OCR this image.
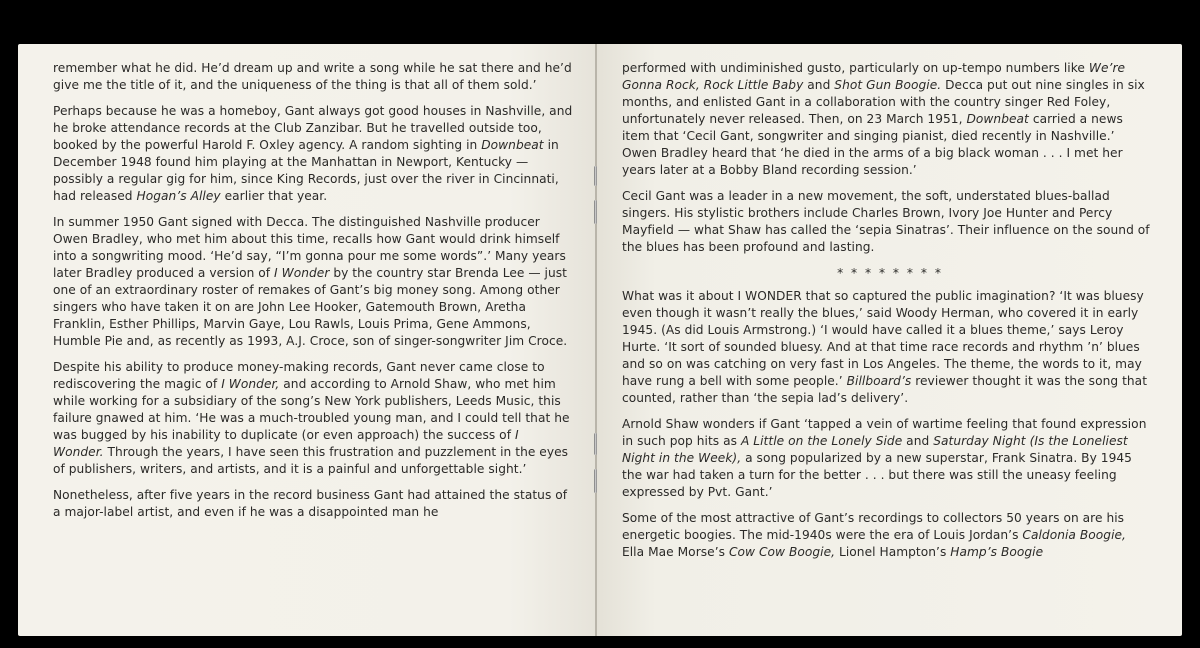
remember what he did. He’d dream up and write a song while he sat there and he’d give me the title of it, and the uniqueness of the thing is that all of them sold.’

Perhaps because he was a homeboy, Gant always got good houses in Nashville, and he broke attendance records at the Club Zanzibar. But he travelled outside too, booked by the powerful Harold F. Oxley agency. A random sighting in Downbeat in December 1948 found him playing at the Manhattan in Newport, Kentucky — possibly a regular gig for him, since King Records, just over the river in Cincinnati, had released Hogan’s Alley earlier that year.

In summer 1950 Gant signed with Decca. The distinguished Nashville producer Owen Bradley, who met him about this time, recalls how Gant would drink himself into a songwriting mood. ‘He’d say, “I’m gonna pour me some words”.’ Many years later Bradley produced a version of I Wonder by the country star Brenda Lee — just one of an extraordinary roster of remakes of Gant’s big money song. Among other singers who have taken it on are John Lee Hooker, Gatemouth Brown, Aretha Franklin, Esther Phillips, Marvin Gaye, Lou Rawls, Louis Prima, Gene Ammons, Humble Pie and, as recently as 1993, A.J. Croce, son of singer-songwriter Jim Croce.

Despite his ability to produce money-making records, Gant never came close to rediscovering the magic of I Wonder, and according to Arnold Shaw, who met him while working for a subsidiary of the song’s New York publishers, Leeds Music, this failure gnawed at him. ‘He was a much-troubled young man, and I could tell that he was bugged by his inability to duplicate (or even approach) the success of I Wonder. Through the years, I have seen this frustration and puzzlement in the eyes of publishers, writers, and artists, and it is a painful and unforgettable sight.’

Nonetheless, after five years in the record business Gant had attained the status of a major-label artist, and even if he was a disappointed man he

performed with undiminished gusto, particularly on up-tempo numbers like We’re Gonna Rock, Rock Little Baby and Shot Gun Boogie. Decca put out nine singles in six months, and enlisted Gant in a collaboration with the country singer Red Foley, unfortunately never released. Then, on 23 March 1951, Downbeat carried a news item that ‘Cecil Gant, songwriter and singing pianist, died recently in Nashville.’ Owen Bradley heard that ‘he died in the arms of a big black woman . . . I met her years later at a Bobby Bland recording session.’

Cecil Gant was a leader in a new movement, the soft, understated blues-ballad singers. His stylistic brothers include Charles Brown, Ivory Joe Hunter and Percy Mayfield — what Shaw has called the ‘sepia Sinatras’. Their influence on the sound of the blues has been profound and lasting.

* * * * * * * *

What was it about I WONDER that so captured the public imagination? ‘It was bluesy even though it wasn’t really the blues,’ said Woody Herman, who covered it in early 1945. (As did Louis Armstrong.) ‘I would have called it a blues theme,’ says Leroy Hurte. ‘It sort of sounded bluesy. And at that time race records and rhythm ’n’ blues and so on was catching on very fast in Los Angeles. The theme, the words to it, may have rung a bell with some people.’ Billboard’s reviewer thought it was the song that counted, rather than ‘the sepia lad’s delivery’.

Arnold Shaw wonders if Gant ‘tapped a vein of wartime feeling that found expression in such pop hits as A Little on the Lonely Side and Saturday Night (Is the Loneliest Night in the Week), a song popularized by a new superstar, Frank Sinatra. By 1945 the war had taken a turn for the better . . . but there was still the uneasy feeling expressed by Pvt. Gant.’

Some of the most attractive of Gant’s recordings to collectors 50 years on are his energetic boogies. The mid-1940s were the era of Louis Jordan’s Caldonia Boogie, Ella Mae Morse’s Cow Cow Boogie, Lionel Hampton’s Hamp’s Boogie
